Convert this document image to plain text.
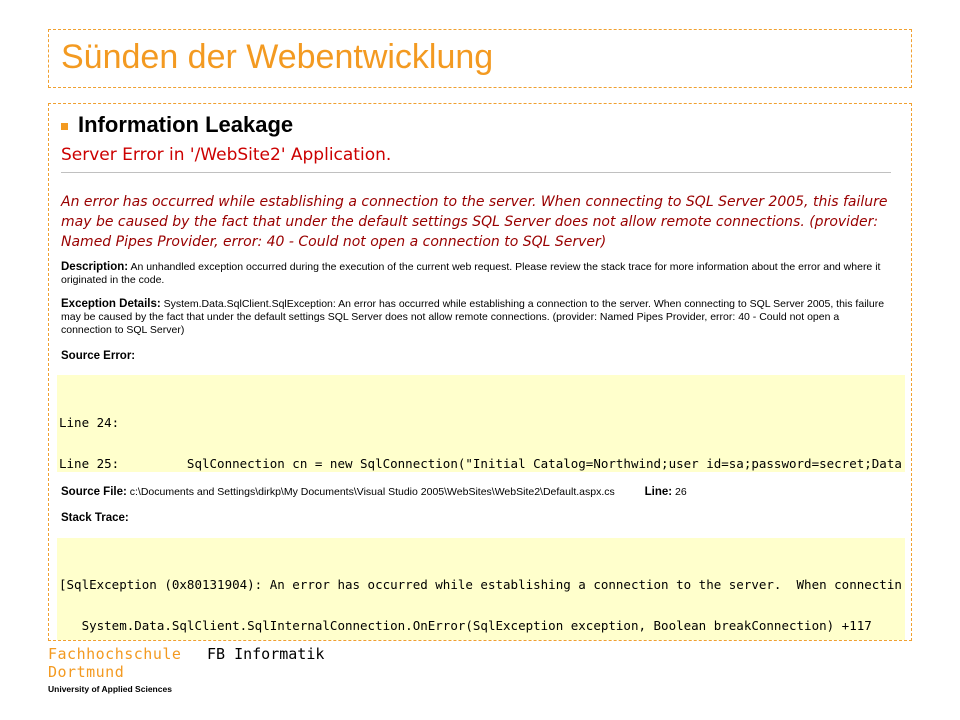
Sünden der Webentwicklung
Information Leakage
Server Error in '/WebSite2' Application.
An error has occurred while establishing a connection to the server. When connecting to SQL Server 2005, this failure may be caused by the fact that under the default settings SQL Server does not allow remote connections. (provider: Named Pipes Provider, error: 40 - Could not open a connection to SQL Server)
Description: An unhandled exception occurred during the execution of the current web request. Please review the stack trace for more information about the error and where it originated in the code.
Exception Details: System.Data.SqlClient.SqlException: An error has occurred while establishing a connection to the server. When connecting to SQL Server 2005, this failure may be caused by the fact that under the default settings SQL Server does not allow remote connections. (provider: Named Pipes Provider, error: 40 - Could not open a connection to SQL Server)
Source Error:

Line 24:

Line 25:         SqlConnection cn = new SqlConnection("Initial Catalog=Northwind;user id=sa;password=secret;Data

Source File: c:\Documents and Settings\dirkp\My Documents\Visual Studio 2005\WebSites\WebSite2\Default.aspx.cs	Line: 26
Stack Trace:

[SqlException (0x80131904): An error has occurred while establishing a connection to the server.  When connectin

System.Data.SqlClient.SqlInternalConnection.OnError(SqlException exception, Boolean breakConnection) +117

Fachhochschule
Dortmund
University of Applied Sciences
FB Informatik
